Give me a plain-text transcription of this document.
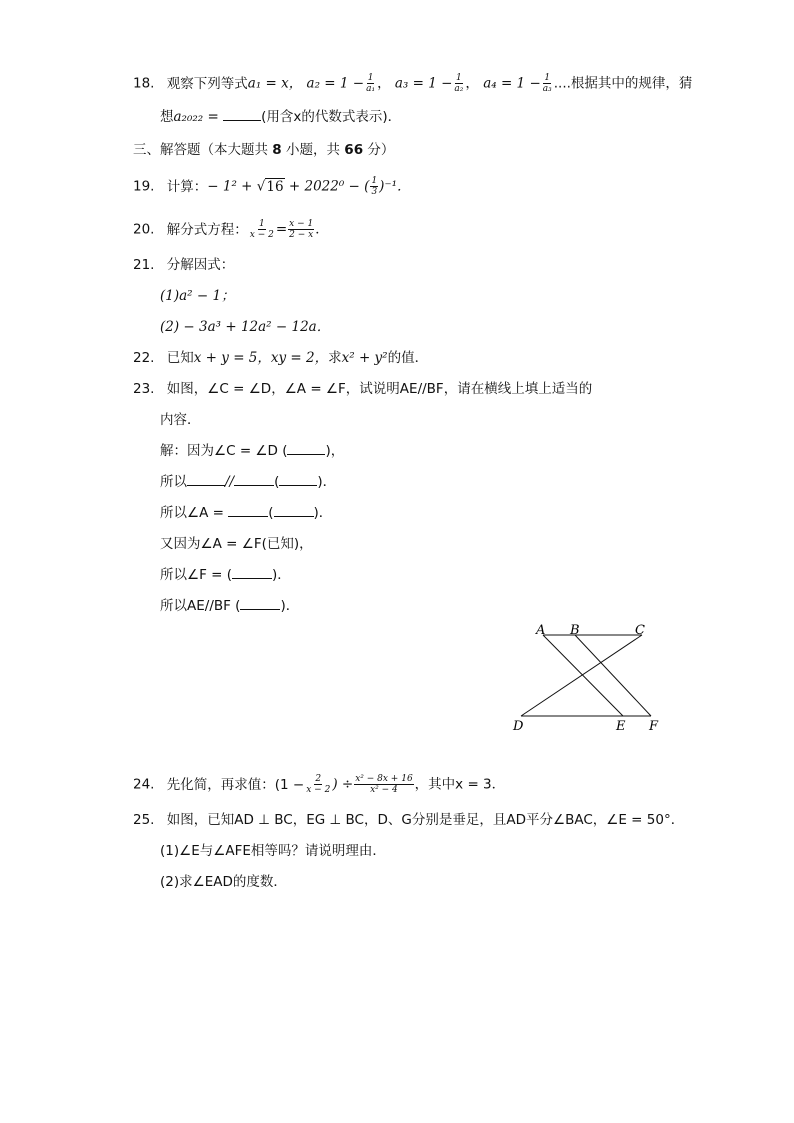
18. 观察下列等式a₁ = x， $a_2 = 1 - \frac{1}{\text{a₁}}$ ， $a_3 = 1 - \frac{1}{\text{a₂}}$ ， $a_4 = 1 - \frac{1}{\text{a₃}}$ ....根据其中的规律，猜
想a₂₀₂₂ =	(用含x的代数式表示)．
三、解答题（本大题共 8 小题，共 66 分）
19. 计算：− 1² + √16 + 2022⁰ − ( $\frac{1}{3} )^{-1}$．
20. 解分式方程： $\frac{1}{x - 2} = \frac{x - 1}{2 - x}$ ．
21. 分解因式：
(1)a² − 1；
(2) − 3a³ + 12a² − 12a．
22. 已知x + y = 5，xy = 2，求x² + y²的值．
23. 如图，∠C = ∠D，∠A = ∠F，试说明AE//BF，请在横线上填上适当的
内容．
解：因为∠C = ∠D (	)，
所以	//	(	)．
所以∠A =	(	)．
又因为∠A = ∠F(已知)，
所以∠F = (	)．
所以AE//BF (	)．
A B	C
D	E F
24. 先化简，再求值：($1 - \frac{2}{x - 2}$ ) ÷ $\frac{\text{x² − 8x + 16}}{\text{x² − 4}}$ ，其中x = 3．
25. 如图，已知AD ⊥ BC，EG ⊥ BC，D、G分别是垂足，且AD平分∠BAC，∠E = 50°．
(1)∠E与∠AFE相等吗？请说明理由．
(2)求∠EAD的度数．
